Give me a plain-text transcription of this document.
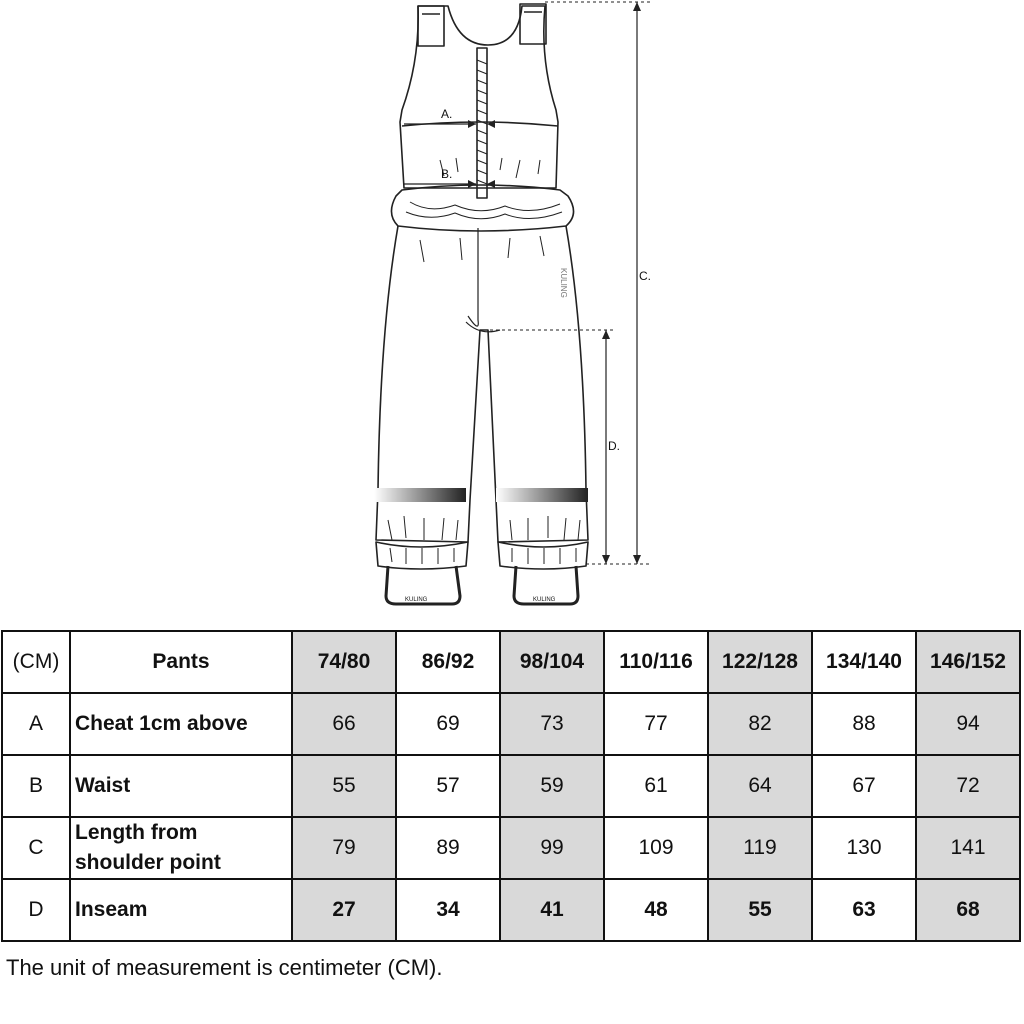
A.
B.
C.
D.
KULING
KULING	KULING
(CM)	Pants	74/80	86/92	98/104	110/116	122/128	134/140	146/152
A	Cheat 1cm above	66	69	73	77	82	88	94
B	Waist	55	57	59	61	64	67	72
C	Length from shoulder point	79	89	99	109	119	130	141
D	Inseam	27	34	41	48	55	63	68
The unit of measurement is centimeter (CM).
